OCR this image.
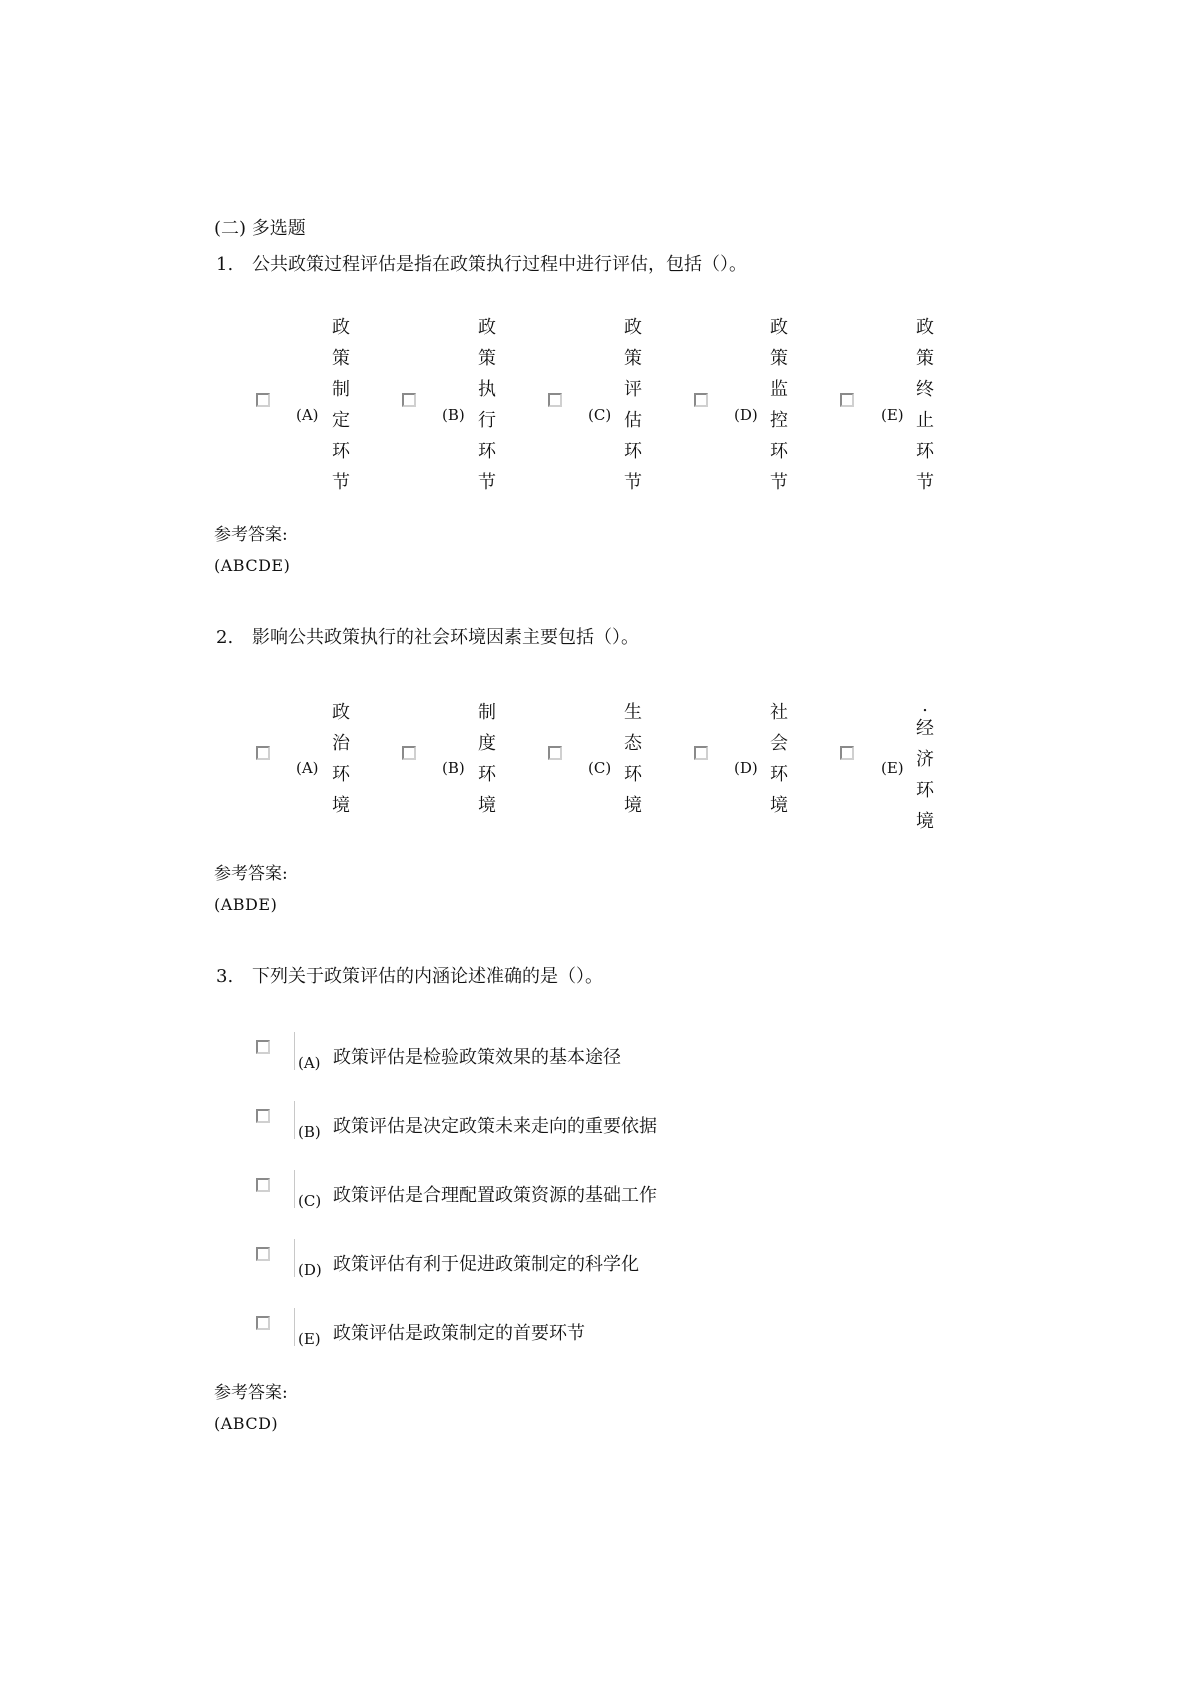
(二) 多选题
1. 公共政策过程评估是指在政策执行过程中进行评估，包括（）。
(A)
政策制定环节
(B)
政策执行环节
(C)
政策评估环节
(D)
政策监控环节
(E)
政策终止环节
参考答案:
(ABCDE)
2. 影响公共政策执行的社会环境因素主要包括（）。
(A)
政治环境
(B)
制度环境
(C)
生态环境
(D)
社会环境
(E)
. 经济环境
参考答案:
(ABDE)
3. 下列关于政策评估的内涵论述准确的是（）。
(A) 政策评估是检验政策效果的基本途径
(B) 政策评估是决定政策未来走向的重要依据
(C) 政策评估是合理配置政策资源的基础工作
(D) 政策评估有利于促进政策制定的科学化
(E) 政策评估是政策制定的首要环节
参考答案:
(ABCD)
